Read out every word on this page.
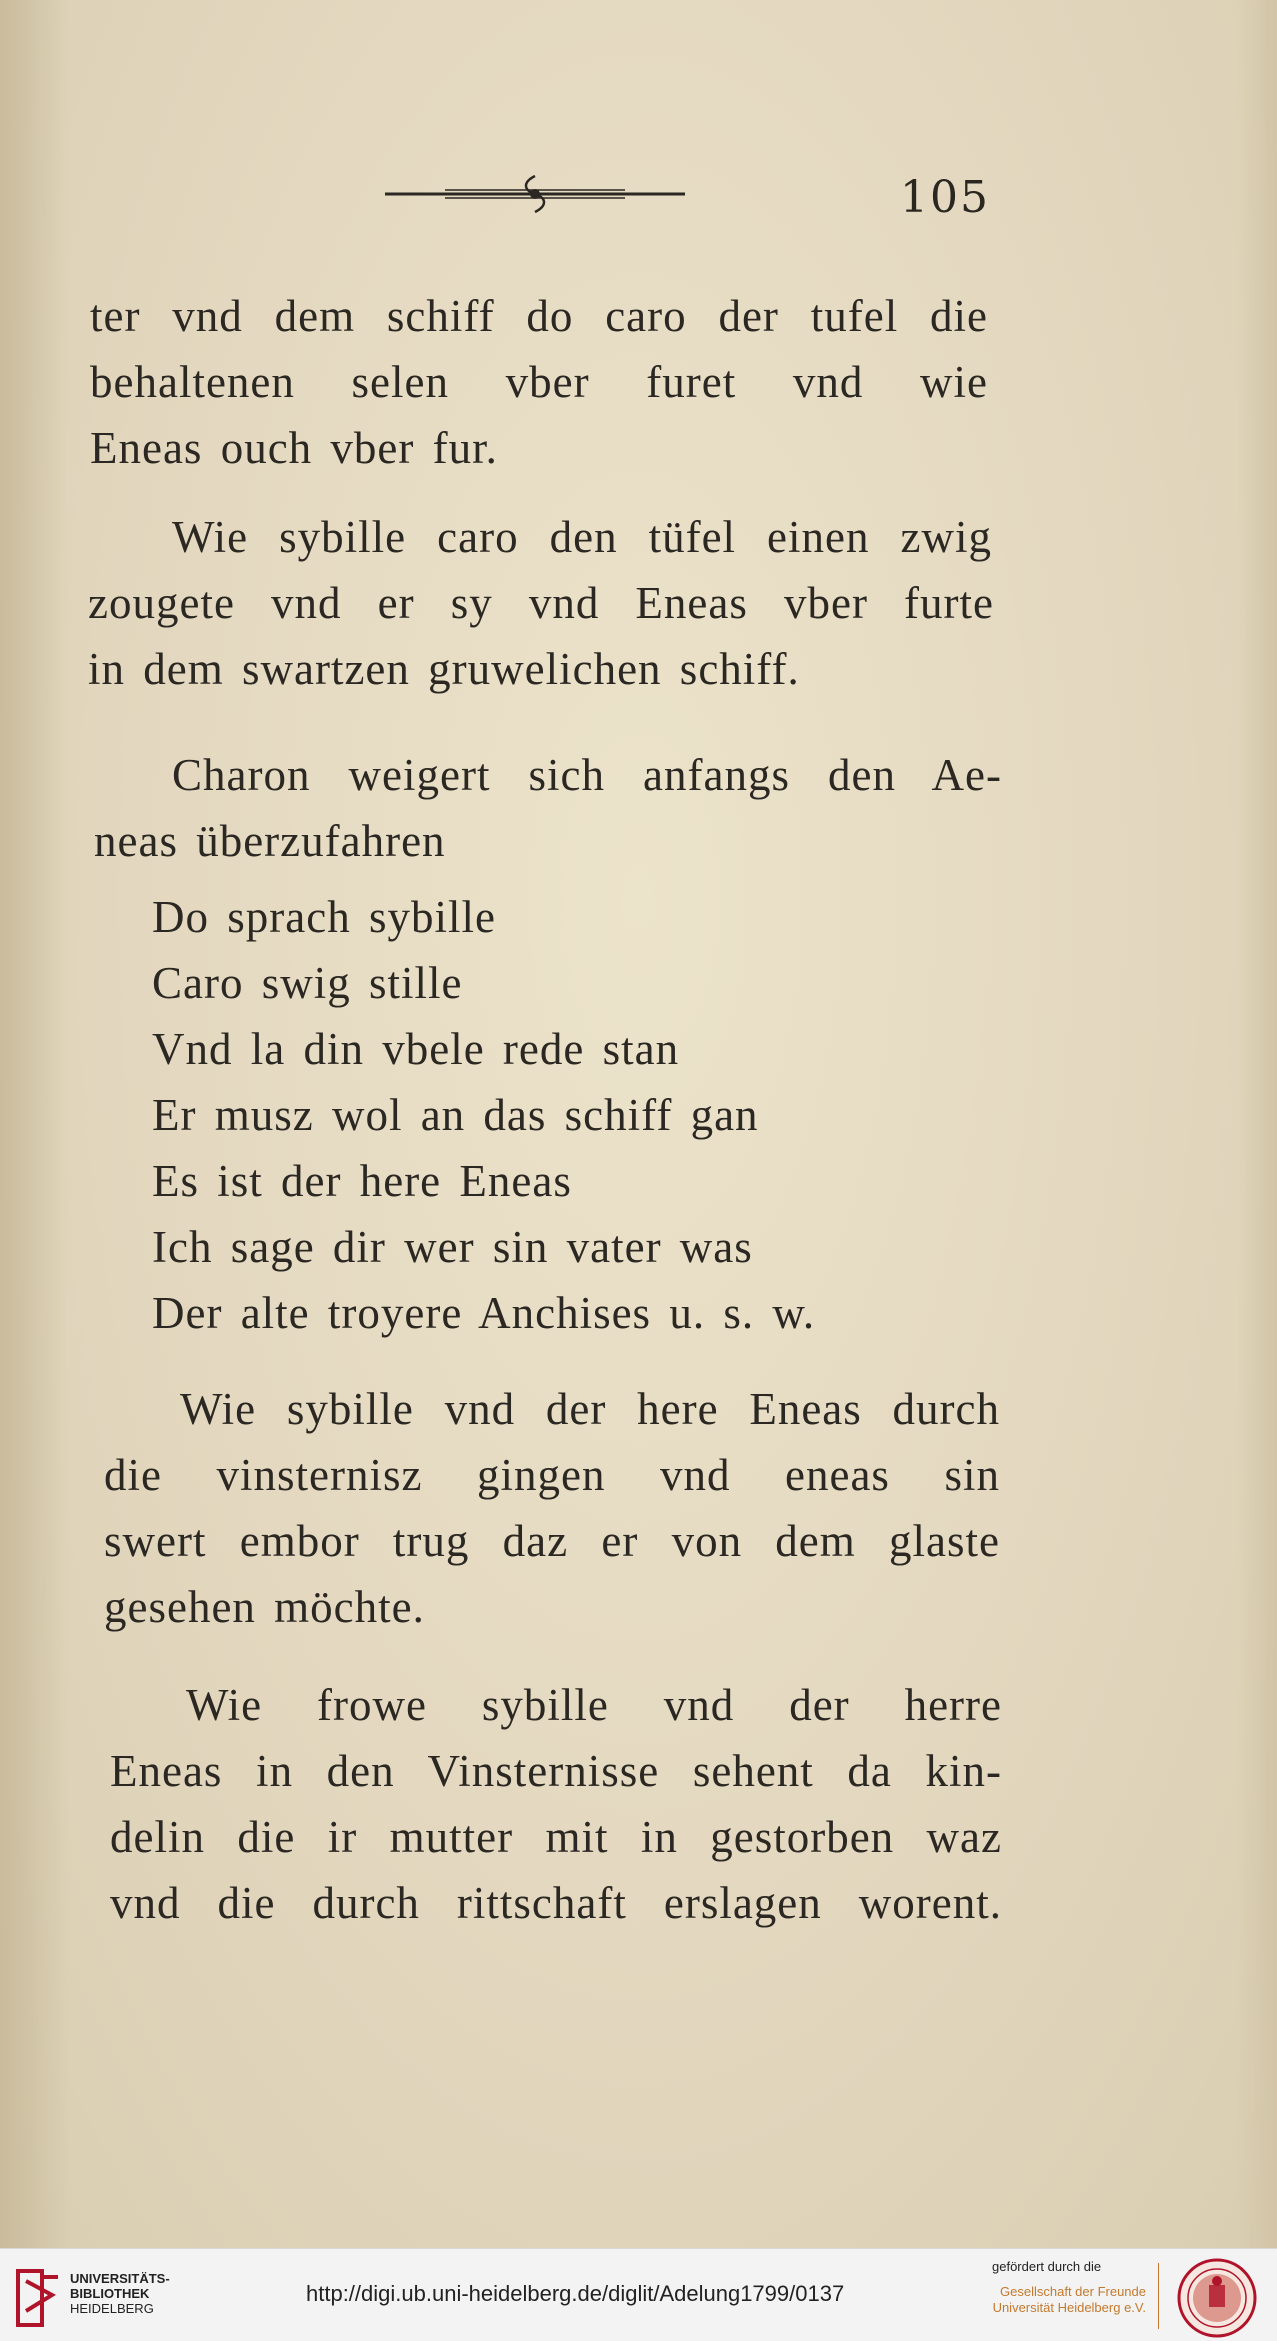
105
ter vnd dem schiff do caro der tufel die
behaltenen selen vber furet vnd wie
Eneas ouch vber fur.
Wie sybille caro den tüfel einen zwig
zougete vnd er sy vnd Eneas vber furte
in dem swartzen gruwelichen schiff.
Charon weigert sich anfangs den Ae-
neas überzufahren
Do sprach sybille
Caro swig stille
Vnd la din vbele rede stan
Er musz wol an das schiff gan
Es ist der here Eneas
Ich sage dir wer sin vater was
Der alte troyere Anchises u. s. w.
Wie sybille vnd der here Eneas durch
die vinsternisz gingen vnd eneas sin
swert embor trug daz er von dem glaste
gesehen möchte.
Wie frowe sybille vnd der herre
Eneas in den Vinsternisse sehent da kin-
delin die ir mutter mit in gestorben waz
vnd die durch rittschaft erslagen worent.
UNIVERSITÄTS-
BIBLIOTHEK
HEIDELBERG
http://digi.ub.uni-heidelberg.de/diglit/Adelung1799/0137
gefördert durch die
Gesellschaft der Freunde
Universität Heidelberg e.V.
